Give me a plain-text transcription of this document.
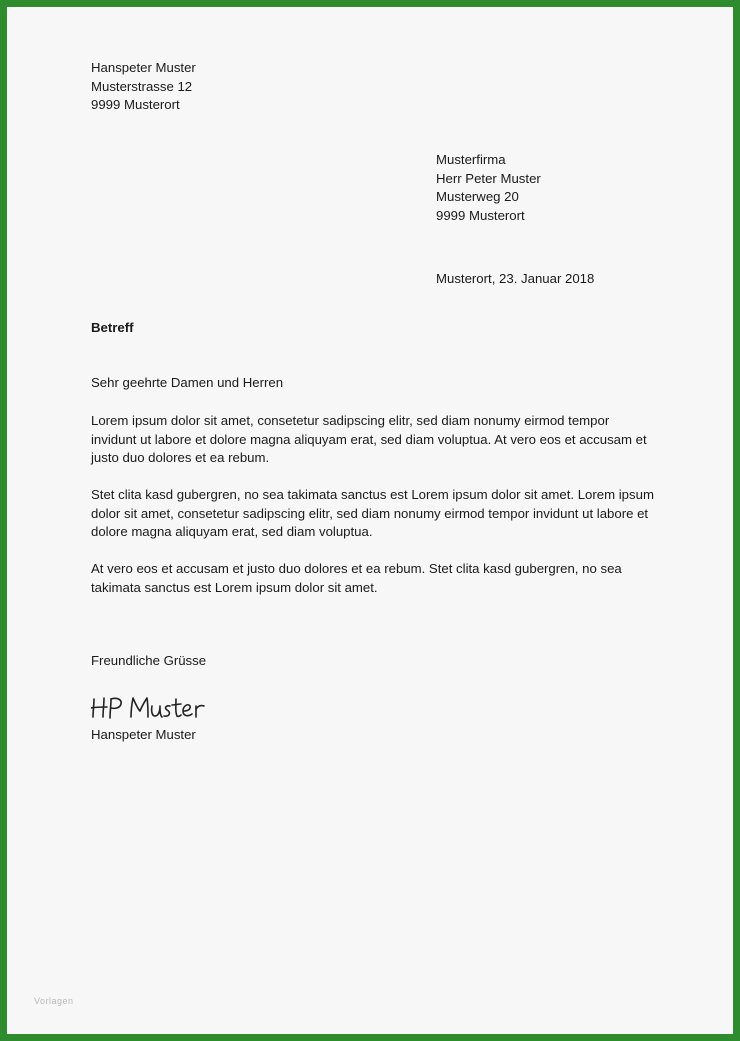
Hanspeter Muster
Musterstrasse 12
9999 Musterort
Musterfirma
Herr Peter Muster
Musterweg 20
9999 Musterort
Musterort, 23. Januar 2018
Betreff
Sehr geehrte Damen und Herren
Lorem ipsum dolor sit amet, consetetur sadipscing elitr, sed diam nonumy eirmod tempor
invidunt ut labore et dolore magna aliquyam erat, sed diam voluptua. At vero eos et accusam et
justo duo dolores et ea rebum.
Stet clita kasd gubergren, no sea takimata sanctus est Lorem ipsum dolor sit amet. Lorem ipsum
dolor sit amet, consetetur sadipscing elitr, sed diam nonumy eirmod tempor invidunt ut labore et
dolore magna aliquyam erat, sed diam voluptua.
At vero eos et accusam et justo duo dolores et ea rebum. Stet clita kasd gubergren, no sea
takimata sanctus est Lorem ipsum dolor sit amet.
Freundliche Grüsse
Hanspeter Muster
Vorlagen
